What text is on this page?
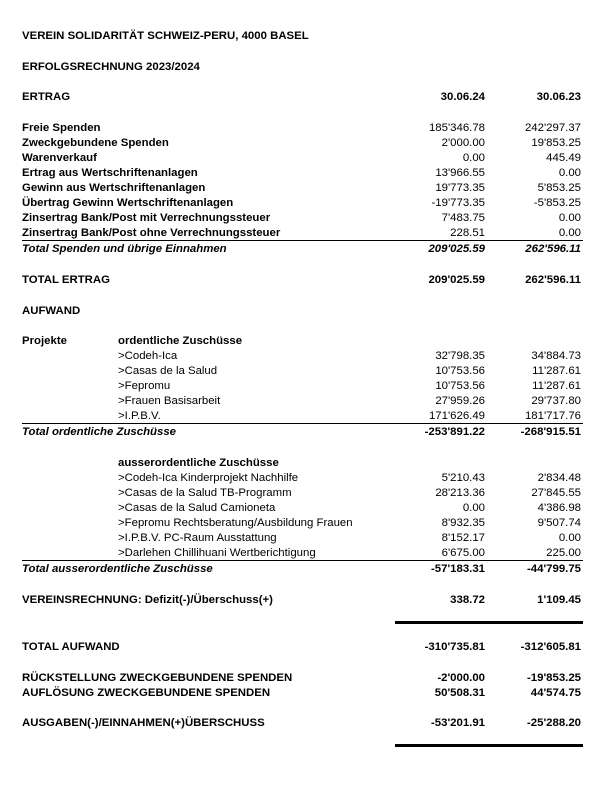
VEREIN SOLIDARITÄT SCHWEIZ-PERU, 4000 BASEL
ERFOLGSRECHNUNG 2023/2024
ERTRAG	30.06.24	30.06.23
Freie Spenden	185'346.78	242'297.37
Zweckgebundene Spenden	2'000.00	19'853.25
Warenverkauf	0.00	445.49
Ertrag aus Wertschriftenanlagen	13'966.55	0.00
Gewinn aus Wertschriftenanlagen	19'773.35	5'853.25
Übertrag Gewinn Wertschriftenanlagen	-19'773.35	-5'853.25
Zinsertrag Bank/Post mit Verrechnungssteuer	7'483.75	0.00
Zinsertrag Bank/Post ohne Verrechnungssteuer	228.51	0.00
Total Spenden und übrige Einnahmen	209'025.59	262'596.11
TOTAL ERTRAG	209'025.59	262'596.11
AUFWAND
Projekte	ordentliche Zuschüsse
>Codeh-Ica	32'798.35	34'884.73
>Casas de la Salud	10'753.56	11'287.61
>Fepromu	10'753.56	11'287.61
>Frauen Basisarbeit	27'959.26	29'737.80
>I.P.B.V.	171'626.49	181'717.76
Total ordentliche Zuschüsse	-253'891.22	-268'915.51
ausserordentliche Zuschüsse
>Codeh-Ica Kinderprojekt Nachhilfe	5'210.43	2'834.48
>Casas de la Salud TB-Programm	28'213.36	27'845.55
>Casas de la Salud Camioneta	0.00	4'386.98
>Fepromu Rechtsberatung/Ausbildung Frauen	8'932.35	9'507.74
>I.P.B.V. PC-Raum Ausstattung	8'152.17	0.00
>Darlehen Chillihuani Wertberichtigung	6'675.00	225.00
Total ausserordentliche Zuschüsse	-57'183.31	-44'799.75
VEREINSRECHNUNG: Defizit(-)/Überschuss(+)	338.72	1'109.45
TOTAL AUFWAND	-310'735.81	-312'605.81
RÜCKSTELLUNG ZWECKGEBUNDENE SPENDEN	-2'000.00	-19'853.25
AUFLÖSUNG ZWECKGEBUNDENE SPENDEN	50'508.31	44'574.75
AUSGABEN(-)/EINNAHMEN(+)ÜBERSCHUSS	-53'201.91	-25'288.20
